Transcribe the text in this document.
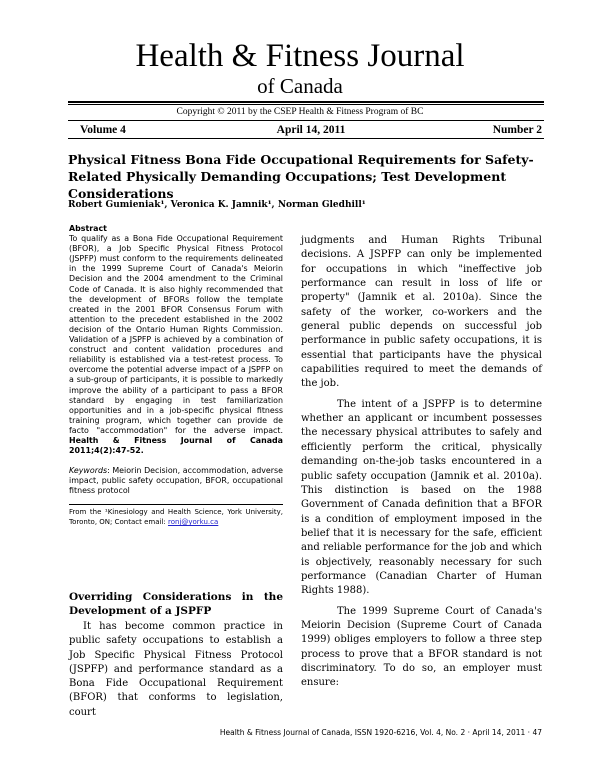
Health & Fitness Journal
of Canada
Copyright © 2011 by the CSEP Health & Fitness Program of BC
Volume 4	April 14, 2011	Number 2
Physical Fitness Bona Fide Occupational Requirements for Safety-Related Physically Demanding Occupations; Test Development Considerations
Robert Gumieniak¹, Veronica K. Jamnik¹, Norman Gledhill¹
Abstract

To qualify as a Bona Fide Occupational Requirement (BFOR), a Job Specific Physical Fitness Protocol (JSPFP) must conform to the requirements delineated in the 1999 Supreme Court of Canada's Meiorin Decision and the 2004 amendment to the Criminal Code of Canada. It is also highly recommended that the development of BFORs follow the template created in the 2001 BFOR Consensus Forum with attention to the precedent established in the 2002 decision of the Ontario Human Rights Commission. Validation of a JSPFP is achieved by a combination of construct and content validation procedures and reliability is established via a test-retest process. To overcome the potential adverse impact of a JSPFP on a sub-group of participants, it is possible to markedly improve the ability of a participant to pass a BFOR standard by engaging in test familiarization opportunities and in a job-specific physical fitness training program, which together can provide de facto "accommodation" for the adverse impact. Health & Fitness Journal of Canada 2011;4(2):47-52.

Keywords: Meiorin Decision, accommodation, adverse impact, public safety occupation, BFOR, occupational fitness protocol

From the ¹Kinesiology and Health Science, York University, Toronto, ON; Contact email: ronj@yorku.ca
Overriding Considerations in the Development of a JSPFP

It has become common practice in public safety occupations to establish a Job Specific Physical Fitness Protocol (JSPFP) and performance standard as a Bona Fide Occupational Requirement (BFOR) that conforms to legislation, court

judgments and Human Rights Tribunal decisions. A JSPFP can only be implemented for occupations in which "ineffective job performance can result in loss of life or property" (Jamnik et al. 2010a). Since the safety of the worker, co-workers and the general public depends on successful job performance in public safety occupations, it is essential that participants have the physical capabilities required to meet the demands of the job.

The intent of a JSPFP is to determine whether an applicant or incumbent possesses the necessary physical attributes to safely and efficiently perform the critical, physically demanding on-the-job tasks encountered in a public safety occupation (Jamnik et al. 2010a). This distinction is based on the 1988 Government of Canada definition that a BFOR is a condition of employment imposed in the belief that it is necessary for the safe, efficient and reliable performance for the job and which is objectively, reasonably necessary for such performance (Canadian Charter of Human Rights 1988).

The 1999 Supreme Court of Canada's Meiorin Decision (Supreme Court of Canada 1999) obliges employers to follow a three step process to prove that a BFOR standard is not discriminatory. To do so, an employer must ensure:

Health & Fitness Journal of Canada, ISSN 1920-6216, Vol. 4, No. 2 · April 14, 2011 · 47
